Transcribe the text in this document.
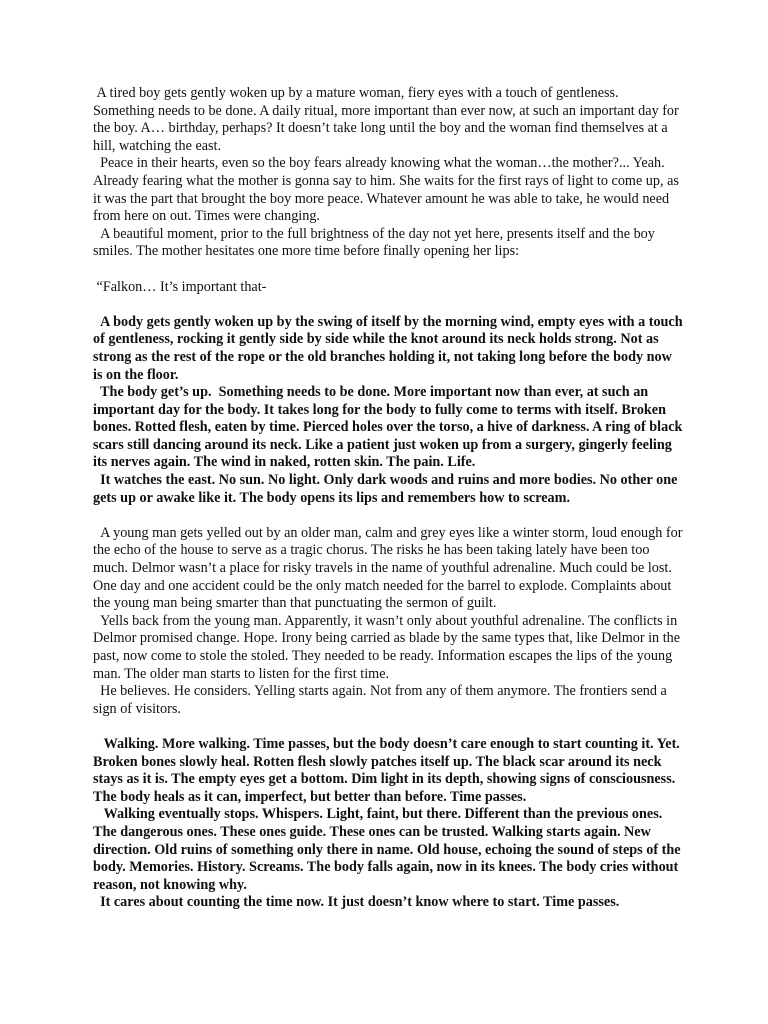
A tired boy gets gently woken up by a mature woman, fiery eyes with a touch of gentleness. Something needs to be done. A daily ritual, more important than ever now, at such an important day for the boy. A… birthday, perhaps? It doesn’t take long until the boy and the woman find themselves at a hill, watching the east.

Peace in their hearts, even so the boy fears already knowing what the woman…the mother?... Yeah. Already fearing what the mother is gonna say to him. She waits for the first rays of light to come up, as it was the part that brought the boy more peace. Whatever amount he was able to take, he would need from here on out. Times were changing.

A beautiful moment, prior to the full brightness of the day not yet here, presents itself and the boy smiles. The mother hesitates one more time before finally opening her lips:

“Falkon… It’s important that-

A body gets gently woken up by the swing of itself by the morning wind, empty eyes with a touch of gentleness, rocking it gently side by side while the knot around its neck holds strong. Not as strong as the rest of the rope or the old branches holding it, not taking long before the body now is on the floor.

The body get’s up.  Something needs to be done. More important now than ever, at such an important day for the body. It takes long for the body to fully come to terms with itself. Broken bones. Rotted flesh, eaten by time. Pierced holes over the torso, a hive of darkness. A ring of black scars still dancing around its neck. Like a patient just woken up from a surgery, gingerly feeling its nerves again. The wind in naked, rotten skin. The pain. Life.

It watches the east. No sun. No light. Only dark woods and ruins and more bodies. No other one gets up or awake like it. The body opens its lips and remembers how to scream.

A young man gets yelled out by an older man, calm and grey eyes like a winter storm, loud enough for the echo of the house to serve as a tragic chorus. The risks he has been taking lately have been too much. Delmor wasn’t a place for risky travels in the name of youthful adrenaline. Much could be lost. One day and one accident could be the only match needed for the barrel to explode. Complaints about the young man being smarter than that punctuating the sermon of guilt.

Yells back from the young man. Apparently, it wasn’t only about youthful adrenaline. The conflicts in Delmor promised change. Hope. Irony being carried as blade by the same types that, like Delmor in the past, now come to stole the stoled. They needed to be ready. Information escapes the lips of the young man. The older man starts to listen for the first time.

He believes. He considers. Yelling starts again. Not from any of them anymore. The frontiers send a sign of visitors.

Walking. More walking. Time passes, but the body doesn’t care enough to start counting it. Yet. Broken bones slowly heal. Rotten flesh slowly patches itself up. The black scar around its neck stays as it is. The empty eyes get a bottom. Dim light in its depth, showing signs of consciousness. The body heals as it can, imperfect, but better than before. Time passes.

Walking eventually stops. Whispers. Light, faint, but there. Different than the previous ones. The dangerous ones. These ones guide. These ones can be trusted. Walking starts again. New direction. Old ruins of something only there in name. Old house, echoing the sound of steps of the body. Memories. History. Screams. The body falls again, now in its knees. The body cries without reason, not knowing why.

It cares about counting the time now. It just doesn’t know where to start. Time passes.
